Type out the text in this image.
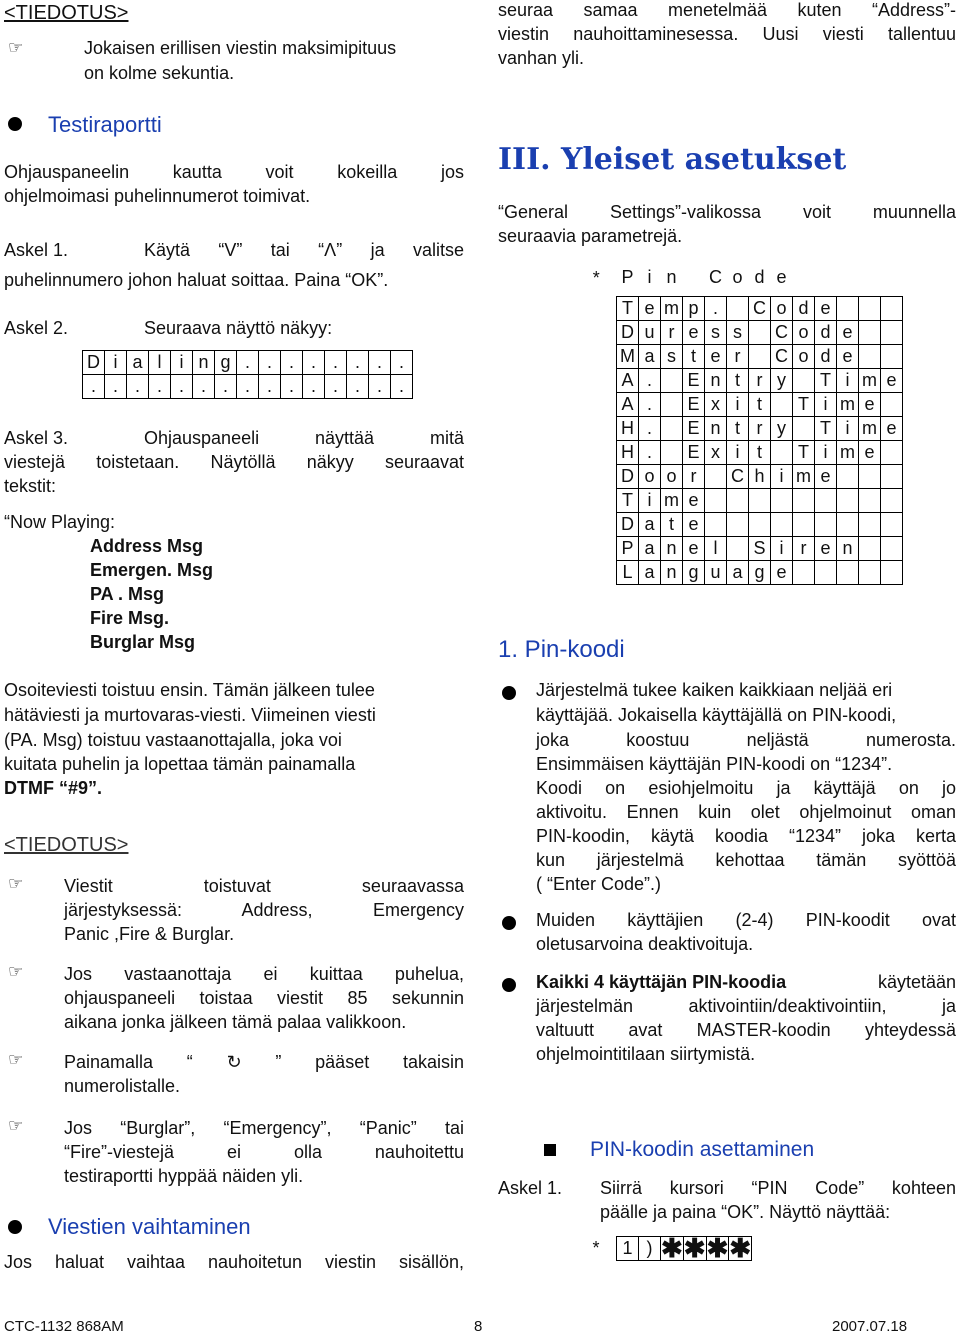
<TIEDOTUS>
☞	Jokaisen erillisen viestin maksimipituus
on kolme sekuntia.
Testiraportti
Ohjauspaneelin kautta voit kokeilla jos
ohjelmoimasi puhelinnumerot toimivat.
Askel 1.	Käytä “V” tai “Λ” ja valitse
puhelinnumero johon haluat soittaa. Paina “OK”.
Askel 2.	Seuraava näyttö näkyy:
D	i	a	l	i	n	g	.	.	.	.	.	.	.	.
.	.	.	.	.	.	.	.	.	.	.	.	.	.	.
Askel 3.	Ohjauspaneeli näyttää mitä
viestejä toistetaan. Näytöllä näkyy seuraavat
tekstit:
“Now Playing:
Address Msg
Emergen. Msg
PA . Msg
Fire Msg.
Burglar Msg
Osoiteviesti toistuu ensin. Tämän jälkeen tulee
hätäviesti ja murtovaras-viesti. Viimeinen viesti
(PA. Msg) toistuu vastaanottajalla, joka voi
kuitata puhelin ja lopettaa tämän painamalla
DTMF “#9”.
<TIEDOTUS>
☞ Viestit toistuvat seuraavassa
järjestyksessä: Address, Emergency
Panic ,Fire & Burglar.
☞ Jos vastaanottaja ei kuittaa puhelua,
ohjauspaneeli toistaa viestit 85 sekunnin
aikana jonka jälkeen tämä palaa valikkoon.
☞ Painamalla “ ↻ ” pääset takaisin
numerolistalle.
☞ Jos “Burglar”, “Emergency”, “Panic” tai
“Fire”-viestejä ei olla nauhoitettu
testiraportti hyppää näiden yli.
Viestien vaihtaminen
Jos haluat vaihtaa nauhoitetun viestin sisällön,
seuraa samaa menetelmää kuten “Address”-
viestin nauhoittaminesessa. Uusi viesti tallentuu
vanhan yli.
III. Yleiset asetukset
“General Settings”-valikossa voit muunnella
seuraavia parametrejä.
*	P	i	n		C	o	d	e					
	T	e	m	p	.		C	o	d	e			
	D	u	r	e	s	s		C	o	d	e		
	M	a	s	t	e	r		C	o	d	e		
	A	.		E	n	t	r	y		T	i	m	e
	A	.		E	x	i	t		T	i	m	e	
	H	.		E	n	t	r	y		T	i	m	e
	H	.		E	x	i	t		T	i	m	e	
	D	o	o	r		C	h	i	m	e			
	T	i	m	e									
	D	a	t	e									
	P	a	n	e	l		S	i	r	e	n		
	L	a	n	g	u	a	g	e					
1. Pin-koodi
Järjestelmä tukee kaiken kaikkiaan neljää eri
käyttäjää. Jokaisella käyttäjällä on PIN-koodi,
joka koostuu neljästä numerosta.
Ensimmäisen käyttäjän PIN-koodi on “1234”.
Koodi on esiohjelmoitu ja käyttäjä on jo
aktivoitu. Ennen kuin olet ohjelmoinut oman
PIN-koodin, käytä koodia “1234” joka kerta
kun järjestelmä kehottaa tämän syöttöä
( “Enter Code”.)
Muiden käyttäjien (2-4) PIN-koodit ovat
oletusarvoina deaktivoituja.
Kaikki 4 käyttäjän PIN-koodia	käytetään
järjestelmän aktivointiin/deaktivointiin, ja
valtuutt avat MASTER-koodin yhteydessä
ohjelmointitilaan siirtymistä.
PIN-koodin asettaminen
Askel 1. Siirrä kursori “PIN Code” kohteen
päälle ja paina “OK”. Näyttö näyttää:
*	1	)	✱	✱	✱	✱
CTC-1132 868AM	8	2007.07.18
